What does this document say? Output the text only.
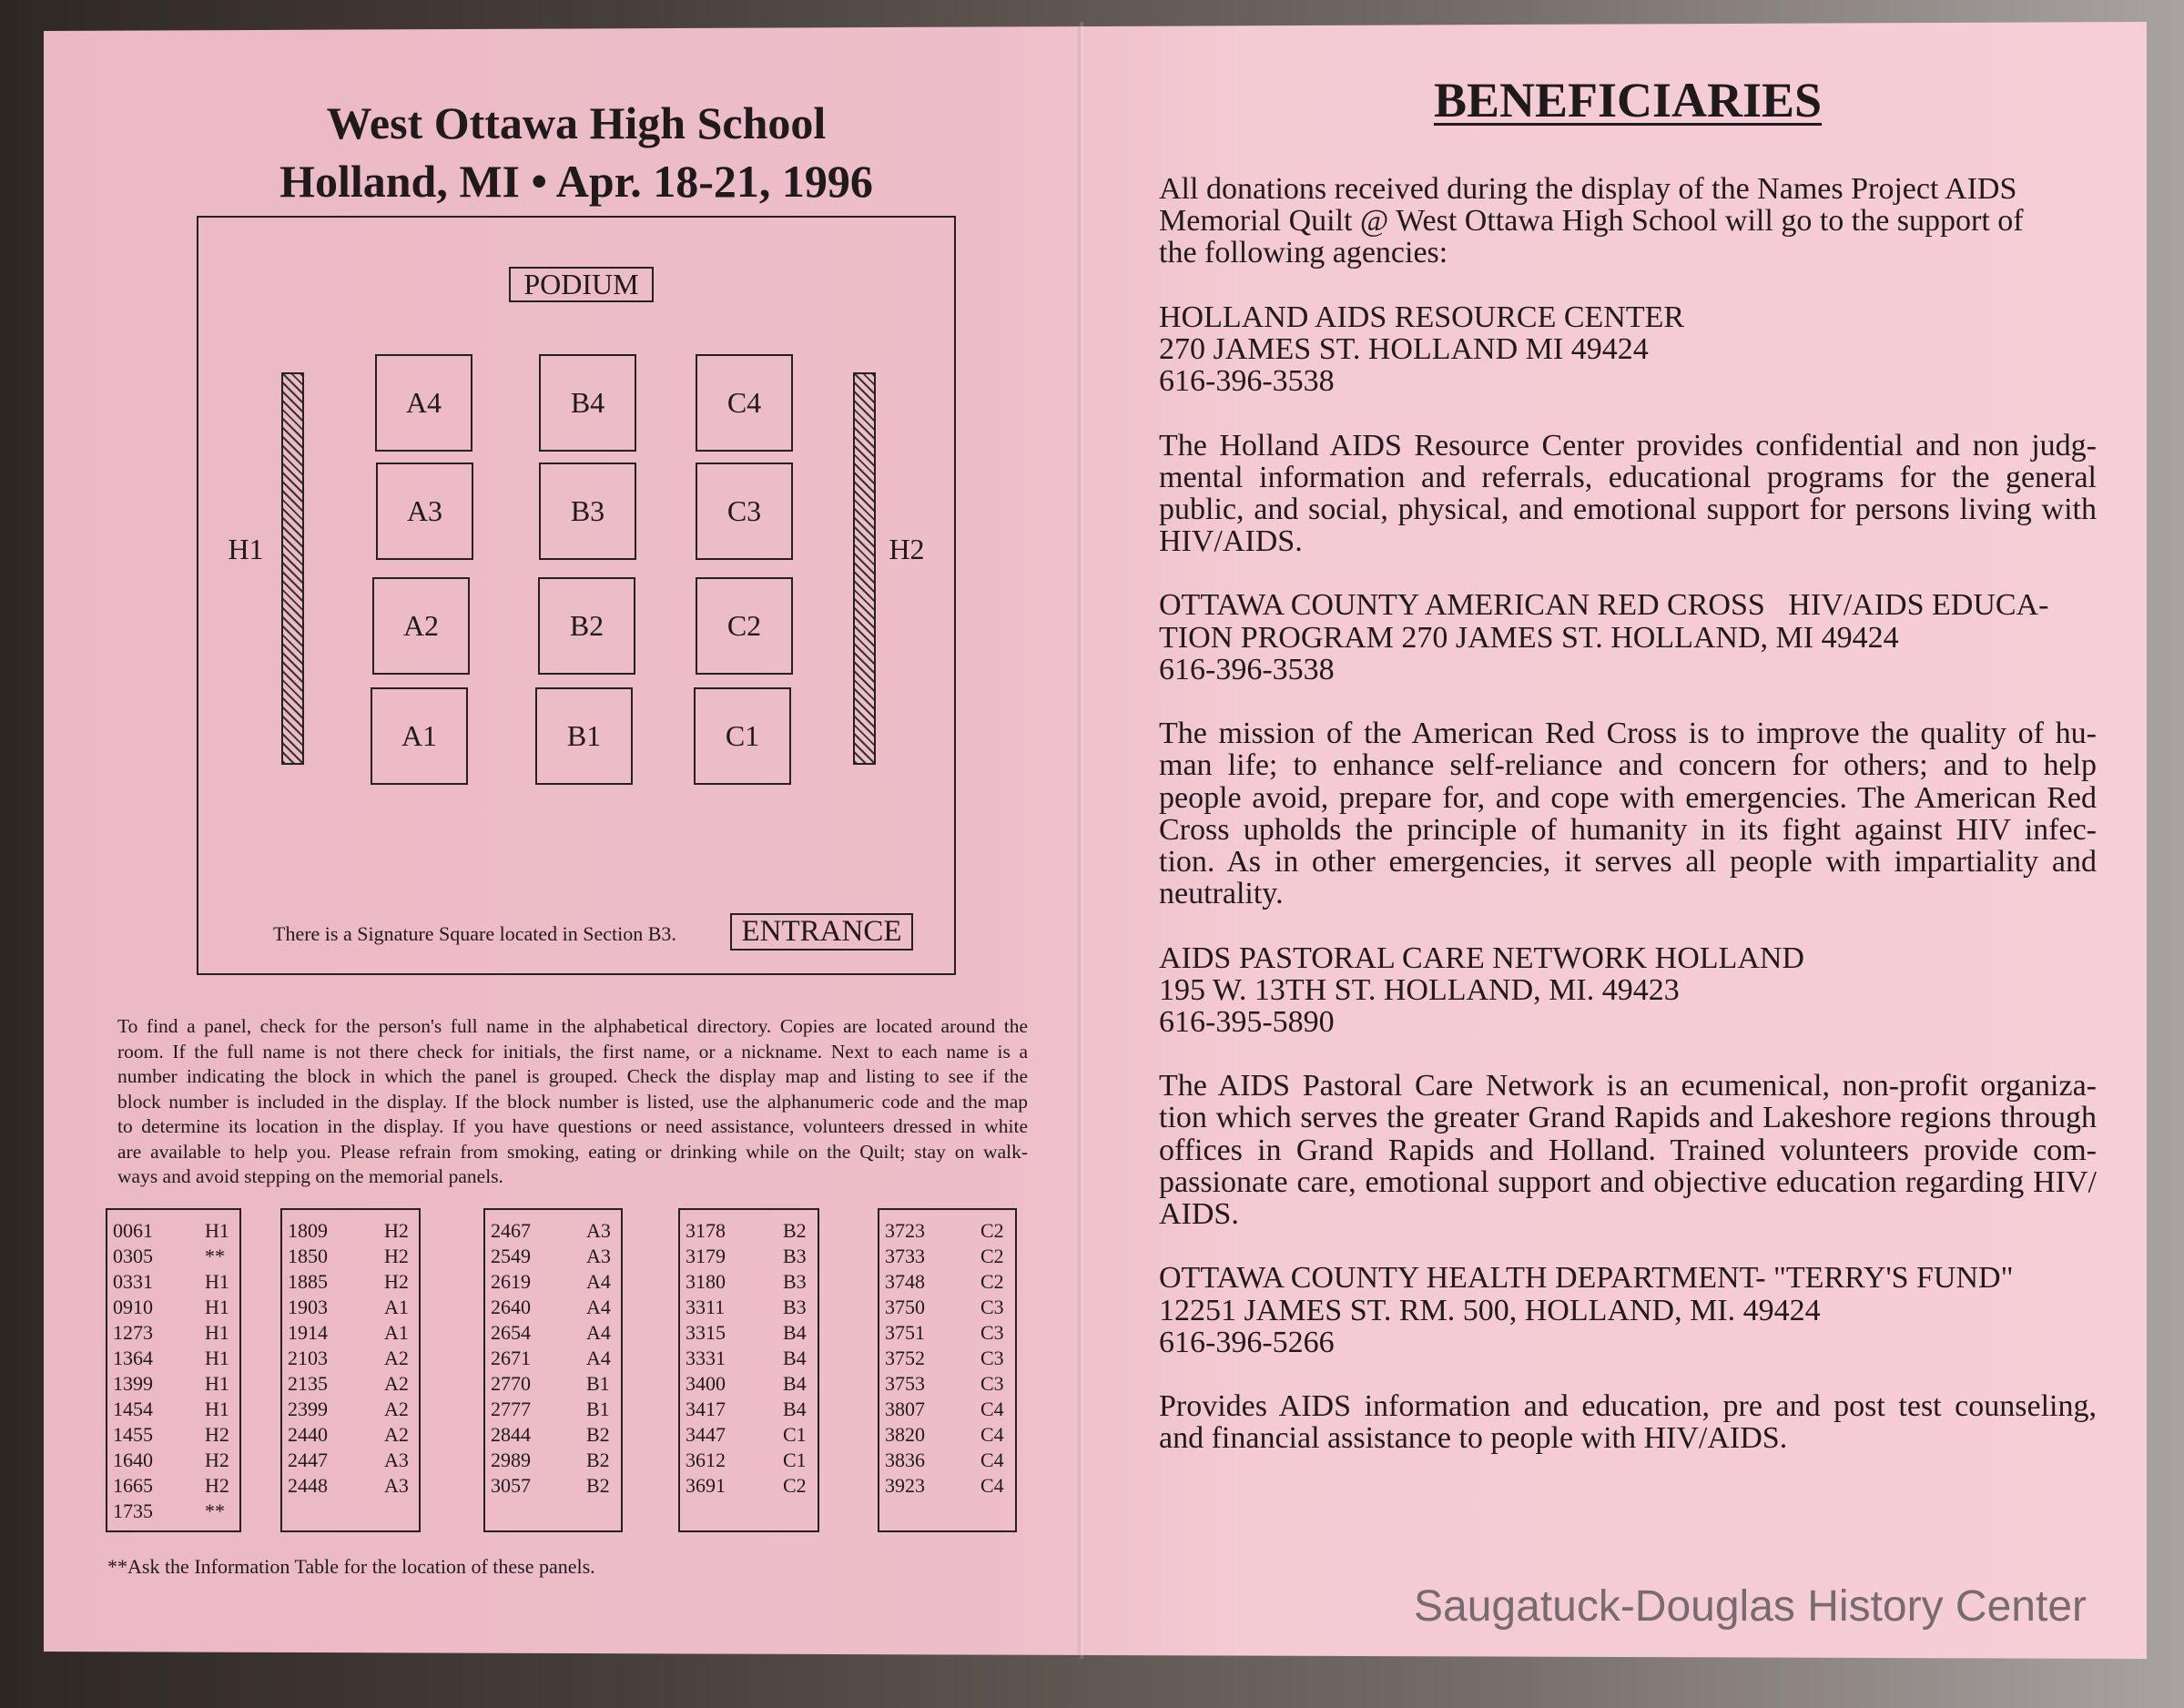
West Ottawa High School
Holland, MI • Apr. 18-21, 1996
PODIUM
A4
A3
A2
A1
B4
B3
B2
B1
C4
C3
C2
C1
H1	H2
There is a Signature Square located in Section B3.	ENTRANCE
To find a panel, check for the person's full name in the alphabetical directory. Copies are located around the
room. If the full name is not there check for initials, the first name, or a nickname. Next to each name is a
number indicating the block in which the panel is grouped. Check the display map and listing to see if the
block number is included in the display. If the block number is listed, use the alphanumeric code and the map
to determine its location in the display. If you have questions or need assistance, volunteers dressed in white
are available to help you. Please refrain from smoking, eating or drinking while on the Quilt; stay on walk-
ways and avoid stepping on the memorial panels.
0061	H1
0305	**
0331	H1
0910	H1
1273	H1
1364	H1
1399	H1
1454	H1
1455	H2
1640	H2
1665	H2
1735	**
1809	H2
1850	H2
1885	H2
1903	A1
1914	A1
2103	A2
2135	A2
2399	A2
2440	A2
2447	A3
2448	A3
2467	A3
2549	A3
2619	A4
2640	A4
2654	A4
2671	A4
2770	B1
2777	B1
2844	B2
2989	B2
3057	B2
3178	B2
3179	B3
3180	B3
3311	B3
3315	B4
3331	B4
3400	B4
3417	B4
3447	C1
3612	C1
3691	C2
3723	C2
3733	C2
3748	C2
3750	C3
3751	C3
3752	C3
3753	C3
3807	C4
3820	C4
3836	C4
3923	C4
**Ask the Information Table for the location of these panels.
BENEFICIARIES
All donations received during the display of the Names Project AIDS
Memorial Quilt @ West Ottawa High School will go to the support of
the following agencies:
HOLLAND AIDS RESOURCE CENTER
270 JAMES ST. HOLLAND MI 49424
616-396-3538
The Holland AIDS Resource Center provides confidential and non judg-
mental information and referrals, educational programs for the general
public, and social, physical, and emotional support for persons living with
HIV/AIDS.
OTTAWA COUNTY AMERICAN RED CROSS   HIV/AIDS EDUCA-
TION PROGRAM 270 JAMES ST. HOLLAND, MI 49424
616-396-3538
The mission of the American Red Cross is to improve the quality of hu-
man life; to enhance self-reliance and concern for others; and to help
people avoid, prepare for, and cope with emergencies. The American Red
Cross upholds the principle of humanity in its fight against HIV infec-
tion. As in other emergencies, it serves all people with impartiality and
neutrality.
AIDS PASTORAL CARE NETWORK HOLLAND
195 W. 13TH ST. HOLLAND, MI. 49423
616-395-5890
The AIDS Pastoral Care Network is an ecumenical, non-profit organiza-
tion which serves the greater Grand Rapids and Lakeshore regions through
offices in Grand Rapids and Holland. Trained volunteers provide com-
passionate care, emotional support and objective education regarding HIV/
AIDS.
OTTAWA COUNTY HEALTH DEPARTMENT- "TERRY'S FUND"
12251 JAMES ST. RM. 500, HOLLAND, MI. 49424
616-396-5266
Provides AIDS information and education, pre and post test counseling,
and financial assistance to people with HIV/AIDS.
Saugatuck-Douglas History Center
